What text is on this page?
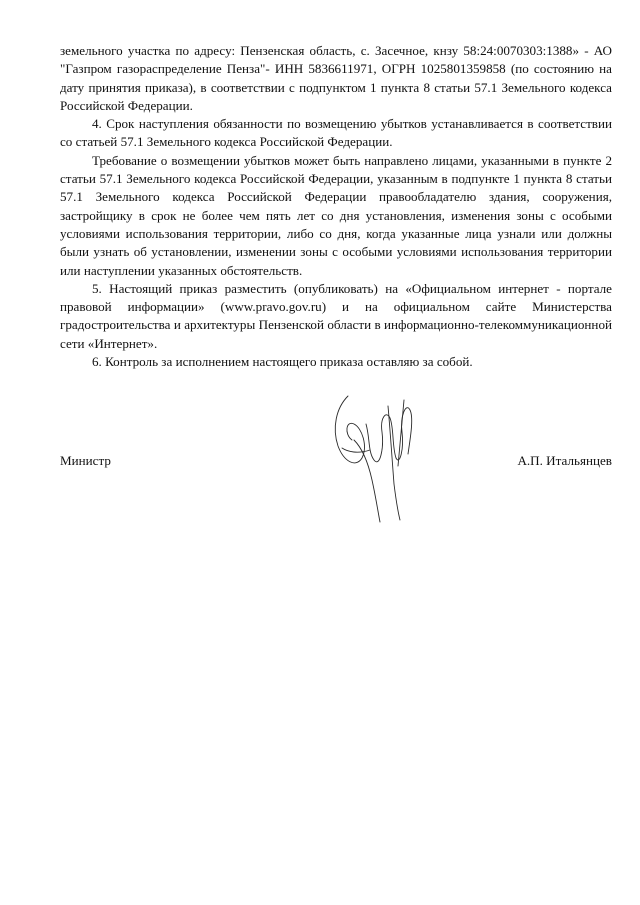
земельного участка по адресу: Пензенская область, с. Засечное, кнзу 58:24:0070303:1388» - АО "Газпром газораспределение Пенза"- ИНН 5836611971, ОГРН 1025801359858 (по состоянию на дату принятия приказа), в соответствии с подпунктом 1 пункта 8 статьи 57.1 Земельного кодекса Российской Федерации.

4. Срок наступления обязанности по возмещению убытков устанавливается в соответствии со статьей 57.1 Земельного кодекса Российской Федерации.

Требование о возмещении убытков может быть направлено лицами, указанными в пункте 2 статьи 57.1 Земельного кодекса Российской Федерации, указанным в подпункте 1 пункта 8 статьи 57.1 Земельного кодекса Российской Федерации правообладателю здания, сооружения, застройщику в срок не более чем пять лет со дня установления, изменения зоны с особыми условиями использования территории, либо со дня, когда указанные лица узнали или должны были узнать об установлении, изменении зоны с особыми условиями использования территории или наступлении указанных обстоятельств.

5. Настоящий приказ разместить (опубликовать) на «Официальном интернет - портале правовой информации» (www.pravo.gov.ru) и на официальном сайте Министерства градостроительства и архитектуры Пензенской области в информационно-телекоммуникационной сети «Интернет».

6. Контроль за исполнением настоящего приказа оставляю за собой.

Министр	А.П. Итальянцев
